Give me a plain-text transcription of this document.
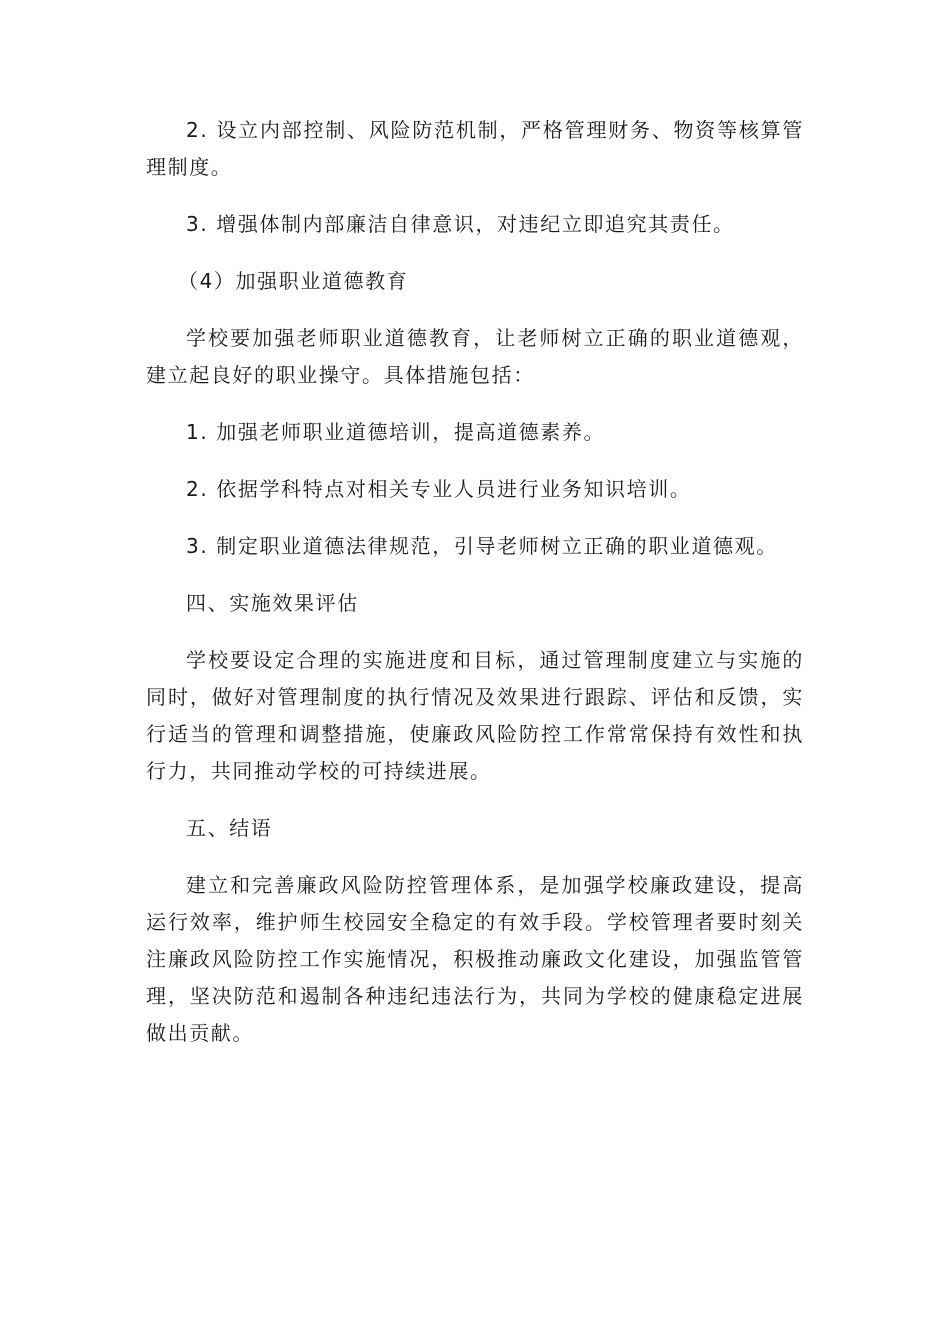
2. 设立内部控制、风险防范机制，严格管理财务、物资等核算管理制度。

3. 增强体制内部廉洁自律意识，对违纪立即追究其责任。

（4）加强职业道德教育

学校要加强老师职业道德教育，让老师树立正确的职业道德观，建立起良好的职业操守。具体措施包括：

1. 加强老师职业道德培训，提高道德素养。

2. 依据学科特点对相关专业人员进行业务知识培训。

3. 制定职业道德法律规范，引导老师树立正确的职业道德观。

四、实施效果评估

学校要设定合理的实施进度和目标，通过管理制度建立与实施的同时，做好对管理制度的执行情况及效果进行跟踪、评估和反馈，实行适当的管理和调整措施，使廉政风险防控工作常常保持有效性和执行力，共同推动学校的可持续进展。

五、结语

建立和完善廉政风险防控管理体系，是加强学校廉政建设，提高运行效率，维护师生校园安全稳定的有效手段。学校管理者要时刻关注廉政风险防控工作实施情况，积极推动廉政文化建设，加强监管管理，坚决防范和遏制各种违纪违法行为，共同为学校的健康稳定进展做出贡献。
